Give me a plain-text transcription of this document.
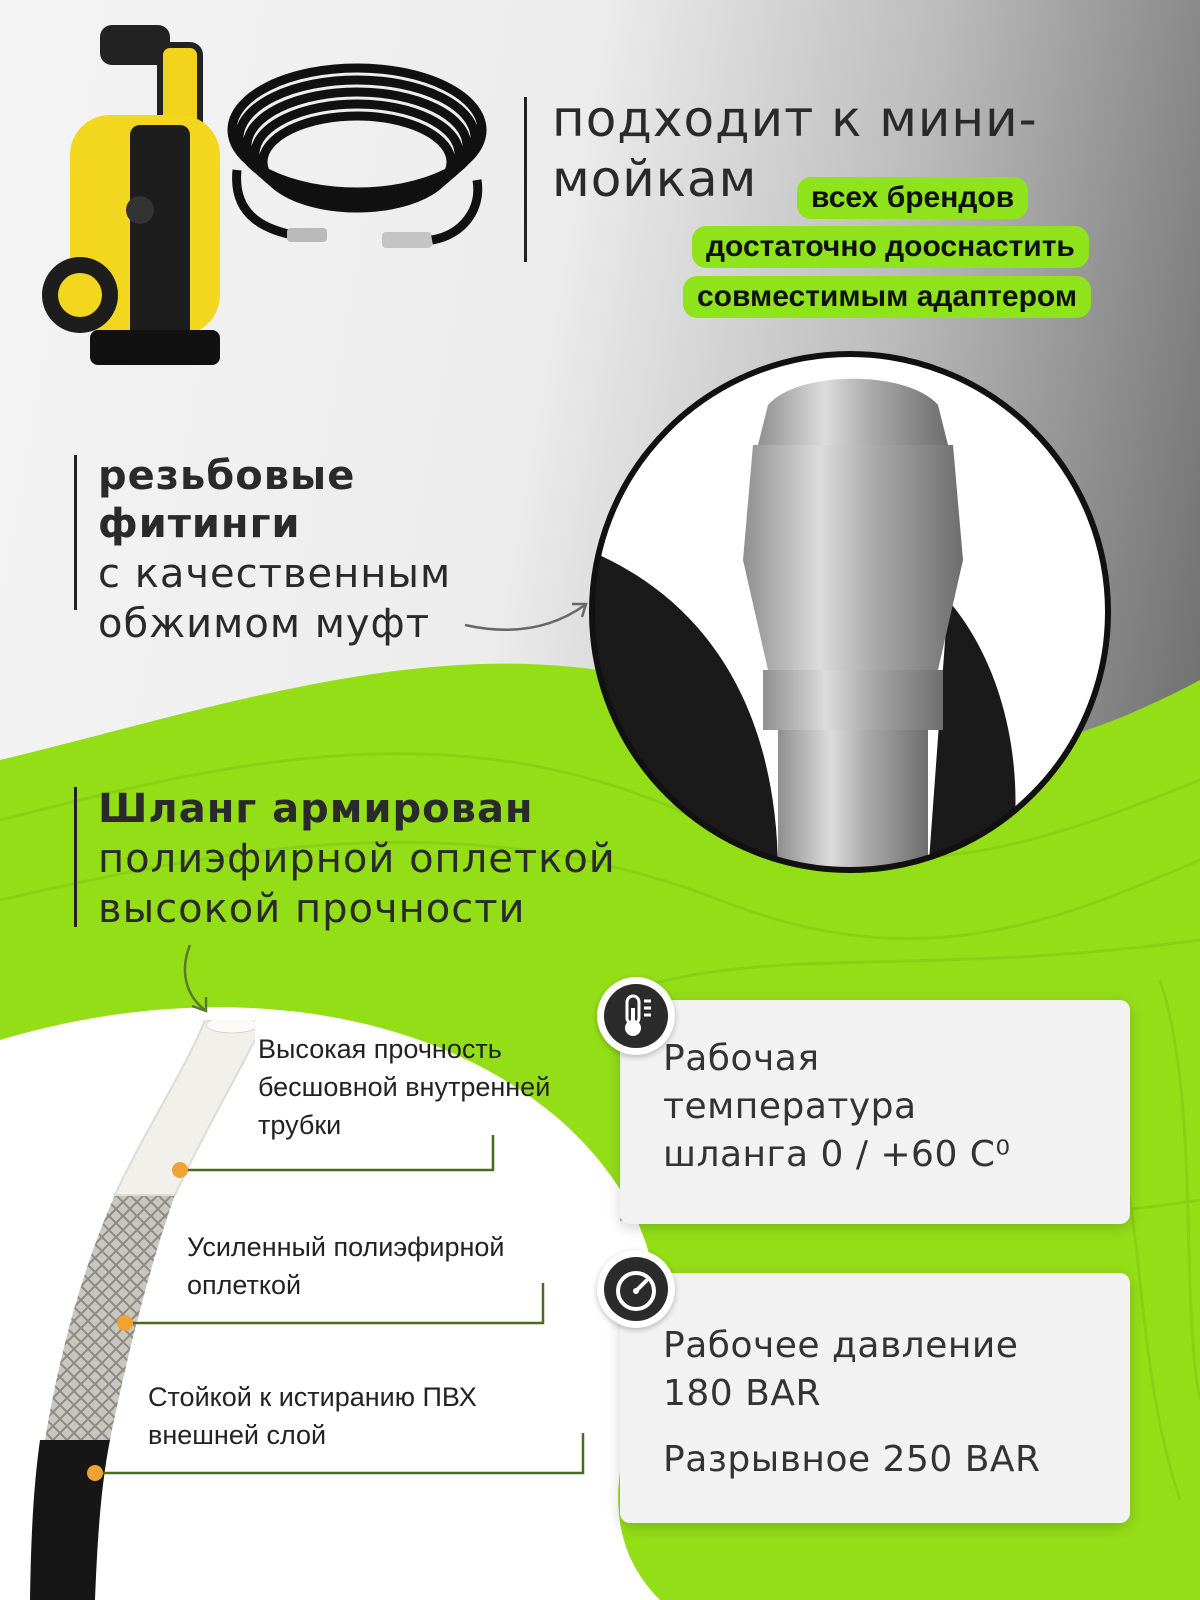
подходит к мини-
мойкам	всех брендов
достаточно дооснастить
совместимым адаптером
резьбовые
фитинги
с качественным
обжимом муфт
Шланг армирован
полиэфирной оплеткой
высокой прочности
Высокая прочность
бесшовной внутренней
трубки
Усиленный полиэфирной
оплеткой
Стойкой к истиранию ПВХ
внешней слой
Рабочая
температура
шланга 0 / +60 С⁰
Рабочее давление
180 BAR
Разрывное 250 BAR
